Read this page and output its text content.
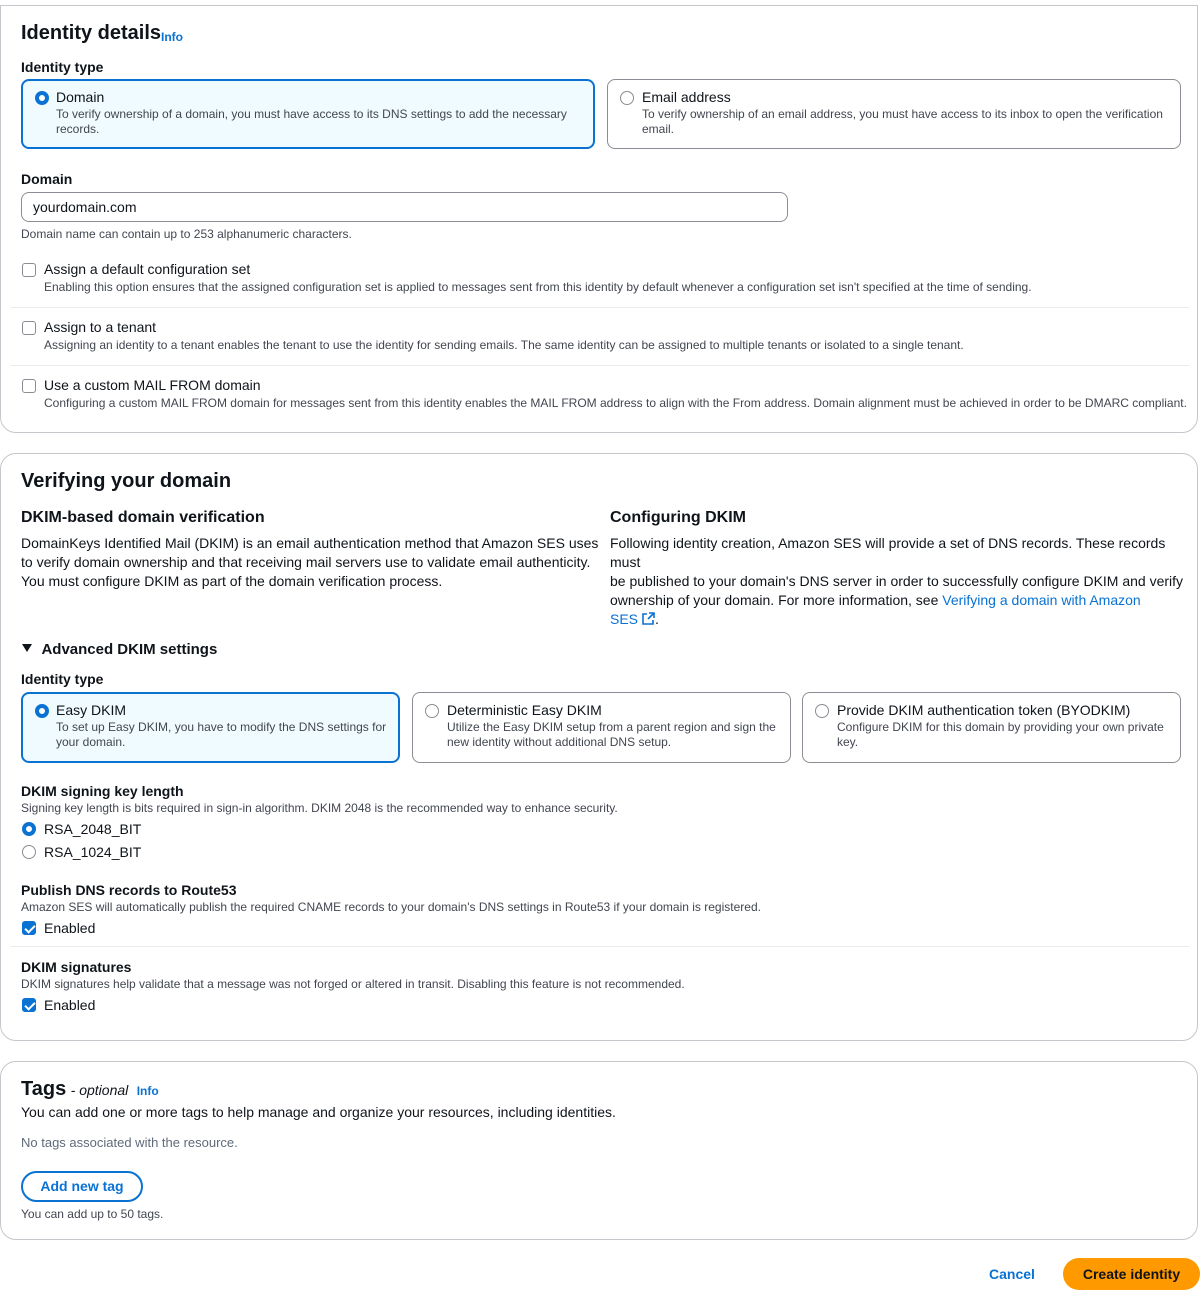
Identity details Info
Identity type
Domain
To verify ownership of a domain, you must have access to its DNS settings to add the necessary records.
Email address
To verify ownership of an email address, you must have access to its inbox to open the verification email.
Domain
yourdomain.com
Domain name can contain up to 253 alphanumeric characters.
Assign a default configuration set
Enabling this option ensures that the assigned configuration set is applied to messages sent from this identity by default whenever a configuration set isn't specified at the time of sending.
Assign to a tenant
Assigning an identity to a tenant enables the tenant to use the identity for sending emails. The same identity can be assigned to multiple tenants or isolated to a single tenant.
Use a custom MAIL FROM domain
Configuring a custom MAIL FROM domain for messages sent from this identity enables the MAIL FROM address to align with the From address. Domain alignment must be achieved in order to be DMARC compliant.
Verifying your domain
DKIM-based domain verification
DomainKeys Identified Mail (DKIM) is an email authentication method that Amazon SES uses
to verify domain ownership and that receiving mail servers use to validate email authenticity.
You must configure DKIM as part of the domain verification process.
Configuring DKIM
Following identity creation, Amazon SES will provide a set of DNS records. These records must
be published to your domain's DNS server in order to successfully configure DKIM and verify
ownership of your domain. For more information, see Verifying a domain with Amazon
SES .
Advanced DKIM settings
Identity type
Easy DKIM
To set up Easy DKIM, you have to modify the DNS settings for
your domain.
Deterministic Easy DKIM
Utilize the Easy DKIM setup from a parent region and sign the
new identity without additional DNS setup.
Provide DKIM authentication token (BYODKIM)
Configure DKIM for this domain by providing your own private
key.
DKIM signing key length
Signing key length is bits required in sign-in algorithm. DKIM 2048 is the recommended way to enhance security.
RSA_2048_BIT
RSA_1024_BIT
Publish DNS records to Route53
Amazon SES will automatically publish the required CNAME records to your domain's DNS settings in Route53 if your domain is registered.
Enabled
DKIM signatures
DKIM signatures help validate that a message was not forged or altered in transit. Disabling this feature is not recommended.
Enabled
Tags - optional Info
You can add one or more tags to help manage and organize your resources, including identities.
No tags associated with the resource.
Add new tag
You can add up to 50 tags.
Cancel	Create identity
